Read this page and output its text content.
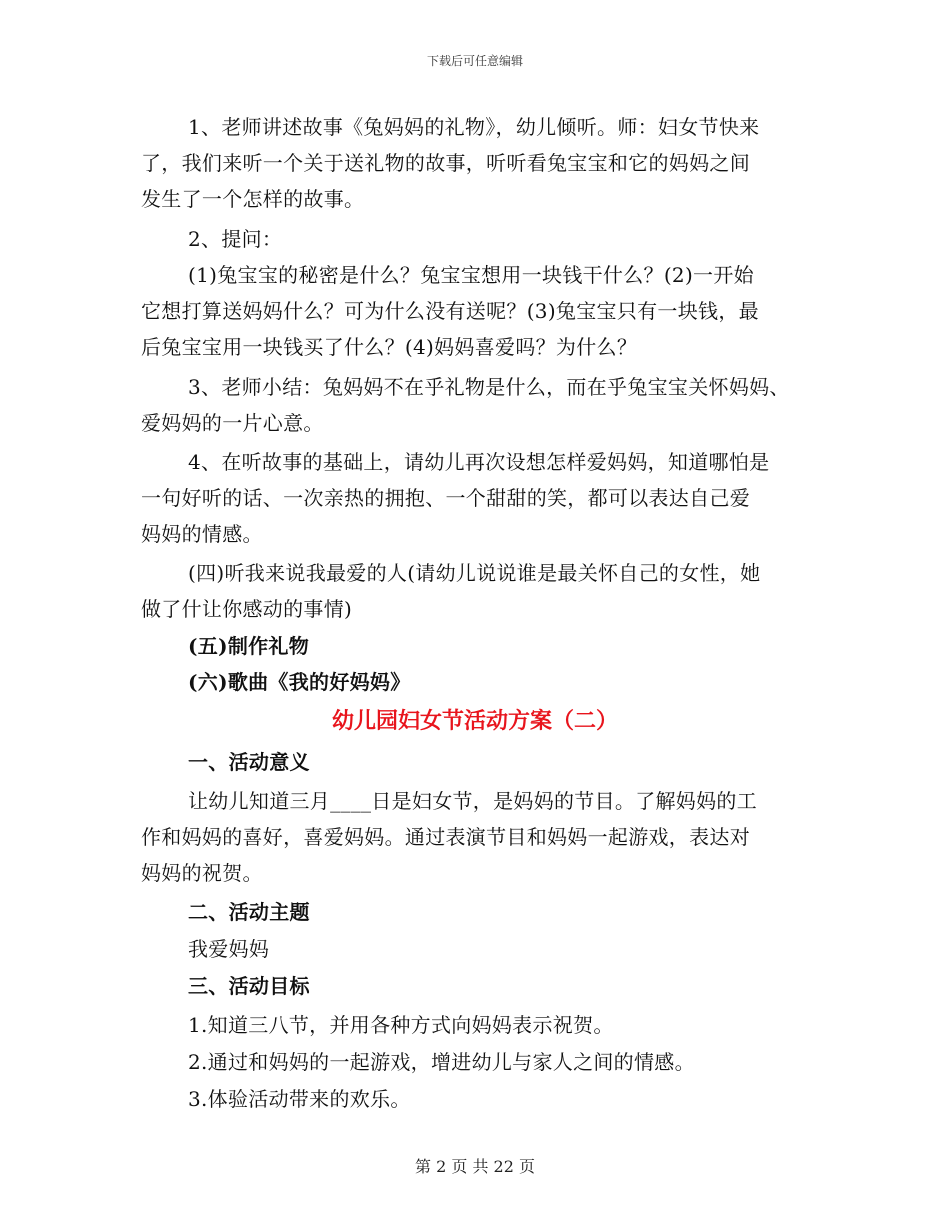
下载后可任意编辑
1、老师讲述故事《兔妈妈的礼物》，幼儿倾听。师：妇女节快来
了，我们来听一个关于送礼物的故事，听听看兔宝宝和它的妈妈之间
发生了一个怎样的故事。
2、提问：
(1)兔宝宝的秘密是什么？兔宝宝想用一块钱干什么？(2)一开始
它想打算送妈妈什么？可为什么没有送呢？(3)兔宝宝只有一块钱，最
后兔宝宝用一块钱买了什么？(4)妈妈喜爱吗？为什么？
3、老师小结：兔妈妈不在乎礼物是什么，而在乎兔宝宝关怀妈妈、
爱妈妈的一片心意。
4、在听故事的基础上，请幼儿再次设想怎样爱妈妈，知道哪怕是
一句好听的话、一次亲热的拥抱、一个甜甜的笑，都可以表达自己爱
妈妈的情感。
(四)听我来说我最爱的人(请幼儿说说谁是最关怀自己的女性，她
做了什让你感动的事情)
(五)制作礼物
(六)歌曲《我的好妈妈》
幼儿园妇女节活动方案（二）
一、活动意义
让幼儿知道三月____日是妇女节，是妈妈的节目。了解妈妈的工
作和妈妈的喜好，喜爱妈妈。通过表演节目和妈妈一起游戏，表达对
妈妈的祝贺。
二、活动主题
我爱妈妈
三、活动目标
1.知道三八节，并用各种方式向妈妈表示祝贺。
2.通过和妈妈的一起游戏，增进幼儿与家人之间的情感。
3.体验活动带来的欢乐。
第 2 页 共 22 页
